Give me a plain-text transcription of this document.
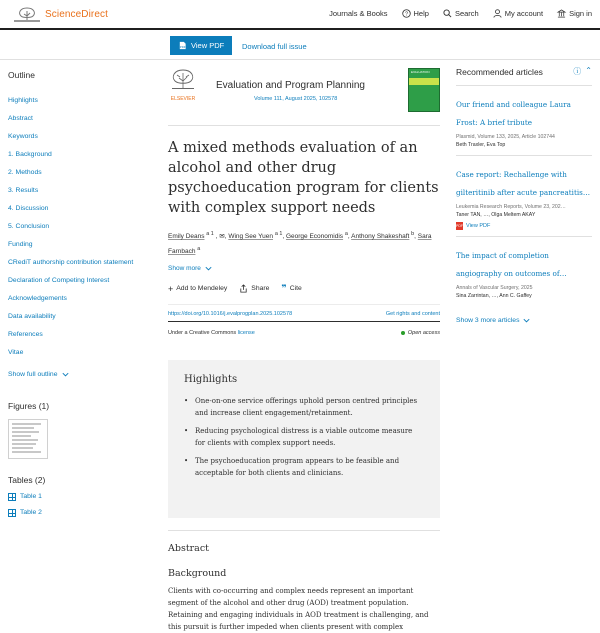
ScienceDirect	Journals & Books	? Help	Search	My account	Sign in
PDF View PDF Download full issue
Outline
Highlights
Abstract
Keywords
1. Background
2. Methods
3. Results
4. Discussion
5. Conclusion
Funding
CRediT authorship contribution statement
Declaration of Competing Interest
Acknowledgements
Data availability
References
Vitae
Show full outline
Figures (1)
Tables (2)
Table 1
Table 2
ELSEVIER
Evaluation and Program Planning
Volume 111, August 2025, 102578
EVALUATION
A mixed methods evaluation of an alcohol and other drug psychoeducation program for clients with complex support needs
Emily Deans $^{a 1}$ , ✉, Wing See Yuen $^{a 1}$, George Economidis $^a$, Anthony Shakeshaft $^b$, Sara Farnbach $^a$
Show more
+ Add to Mendeley	Share ❞ Cite
https://doi.org/10.1016/j.evalprogplan.2025.102578	Get rights and content
Under a Creative Commons license	Open access
Highlights
• One-on-one service offerings uphold person centred principles and increase client engagement/retainment.
• Reducing psychological distress is a viable outcome measure for clients with complex support needs.
• The psychoeducation program appears to be feasible and acceptable for both clients and clinicians.
Abstract
Background

Clients with co-occurring and complex needs represent an important segment of the alcohol and other drug (AOD) treatment population. Retaining and engaging individuals in AOD treatment is challenging, and this pursuit is further impeded when clients present with complex

Recommended articles	ⓘ ⌃
Our friend and colleague Laura Frost: A brief tribute
Plasmid, Volume 133, 2025, Article 102744
Beth Traxler, Eva Top
Case report: Rechallenge with gilteritinib after acute pancreatitis…
Leukemia Research Reports, Volume 23, 202…
Taner TAN, …, Olga Meltem AKAY
PDF View PDF
The impact of completion angiography on outcomes of…
Annals of Vascular Surgery, 2025
Sina Zarrintan, …, Ann C. Gaffey
Show 3 more articles
